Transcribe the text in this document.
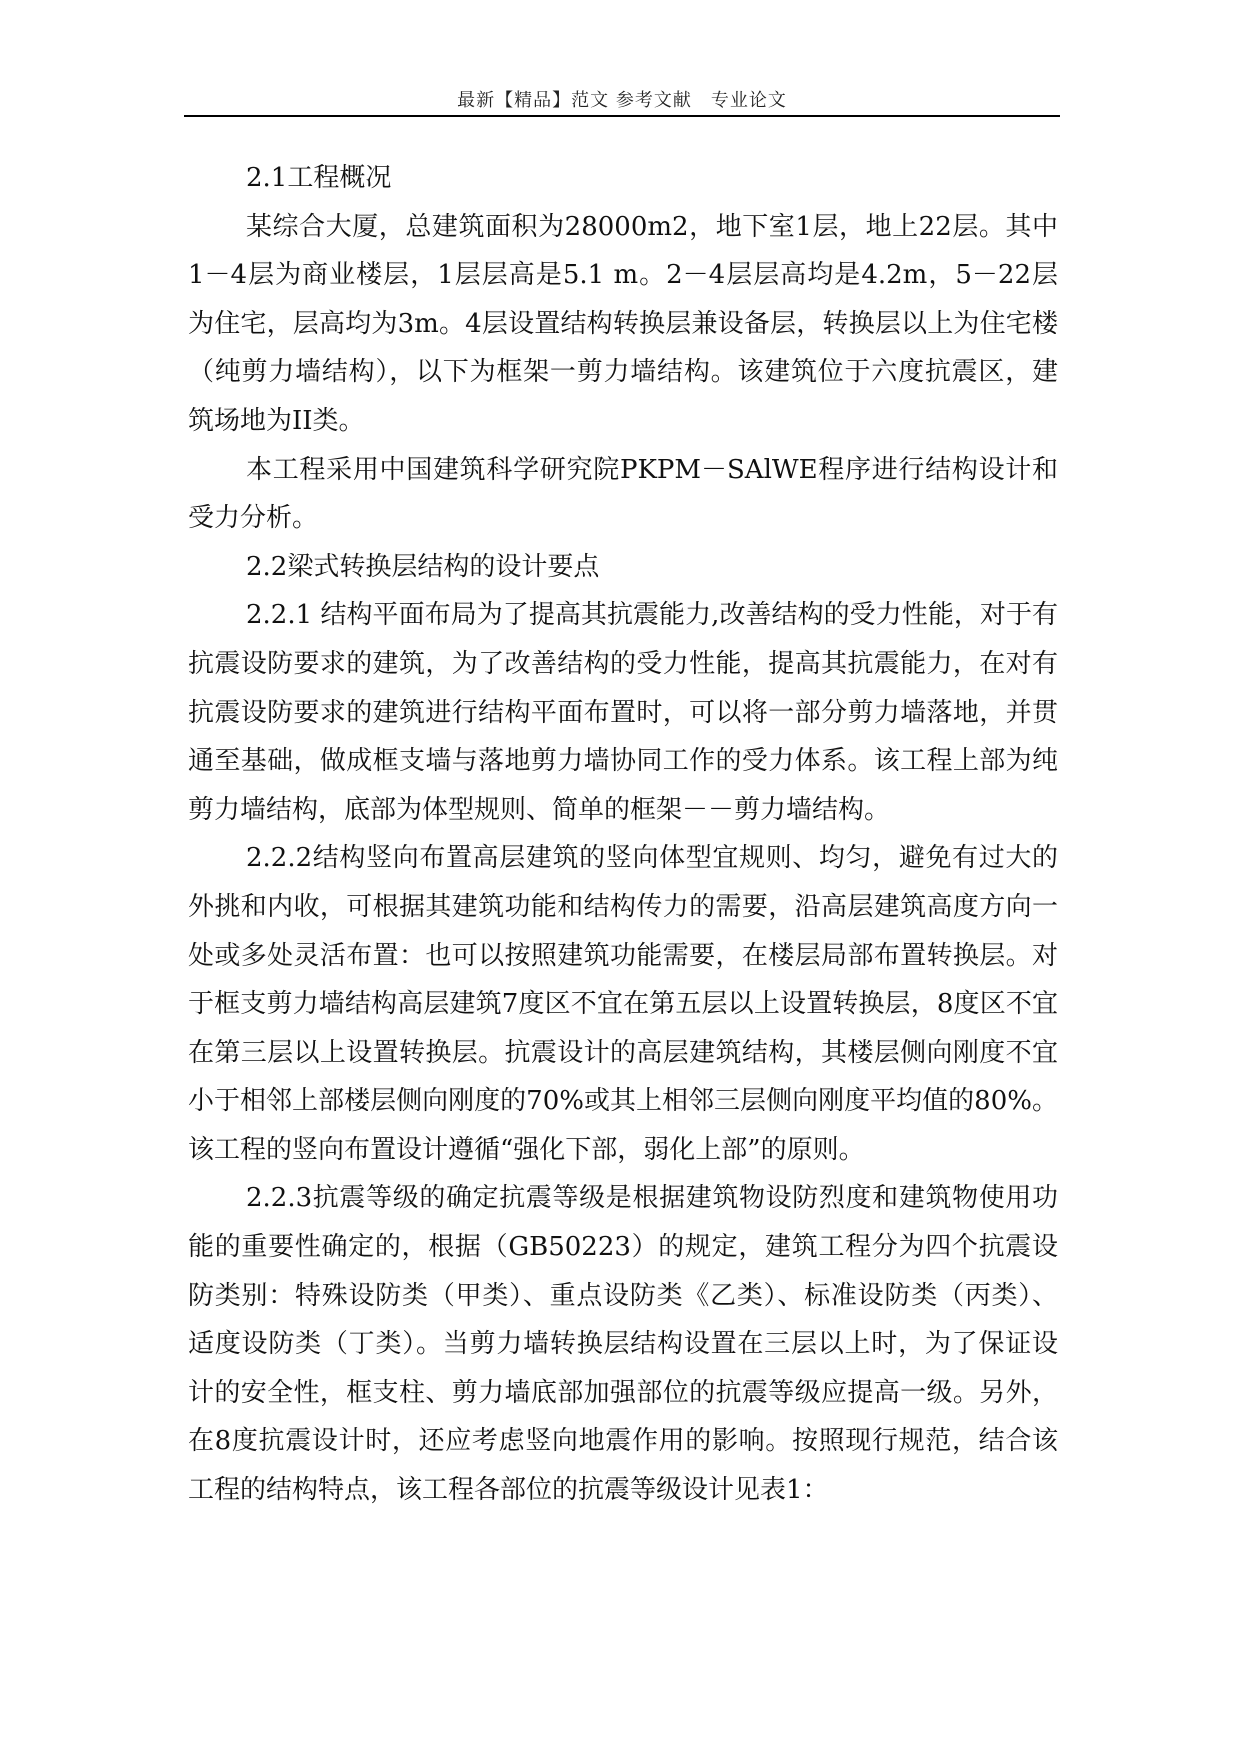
最新【精品】范文 参考文献　专业论文

2.1工程概况

某综合大厦，总建筑面积为28000m2，地下室1层，地上22层。其中1－4层为商业楼层，1层层高是5.1 m。2－4层层高均是4.2m，5－22层为住宅，层高均为3m。4层设置结构转换层兼设备层，转换层以上为住宅楼（纯剪力墙结构），以下为框架一剪力墙结构。该建筑位于六度抗震区，建筑场地为II类。

本工程采用中国建筑科学研究院PKPM－SAlWE程序进行结构设计和受力分析。

2.2梁式转换层结构的设计要点

2.2.1 结构平面布局为了提高其抗震能力,改善结构的受力性能，对于有抗震设防要求的建筑，为了改善结构的受力性能，提高其抗震能力，在对有抗震设防要求的建筑进行结构平面布置时，可以将一部分剪力墙落地，并贯通至基础，做成框支墙与落地剪力墙协同工作的受力体系。该工程上部为纯剪力墙结构，底部为体型规则、简单的框架－－剪力墙结构。

2.2.2结构竖向布置高层建筑的竖向体型宜规则、均匀，避免有过大的外挑和内收，可根据其建筑功能和结构传力的需要，沿高层建筑高度方向一处或多处灵活布置：也可以按照建筑功能需要，在楼层局部布置转换层。对于框支剪力墙结构高层建筑7度区不宜在第五层以上设置转换层，8度区不宜在第三层以上设置转换层。抗震设计的高层建筑结构，其楼层侧向刚度不宜小于相邻上部楼层侧向刚度的70%或其上相邻三层侧向刚度平均值的80%。该工程的竖向布置设计遵循“强化下部，弱化上部”的原则。

2.2.3抗震等级的确定抗震等级是根据建筑物设防烈度和建筑物使用功能的重要性确定的，根据（GB50223）的规定，建筑工程分为四个抗震设防类别：特殊设防类（甲类）、重点设防类《乙类）、标准设防类（丙类）、适度设防类（丁类）。当剪力墙转换层结构设置在三层以上时，为了保证设计的安全性，框支柱、剪力墙底部加强部位的抗震等级应提高一级。另外，在8度抗震设计时，还应考虑竖向地震作用的影响。按照现行规范，结合该工程的结构特点，该工程各部位的抗震等级设计见表1：
